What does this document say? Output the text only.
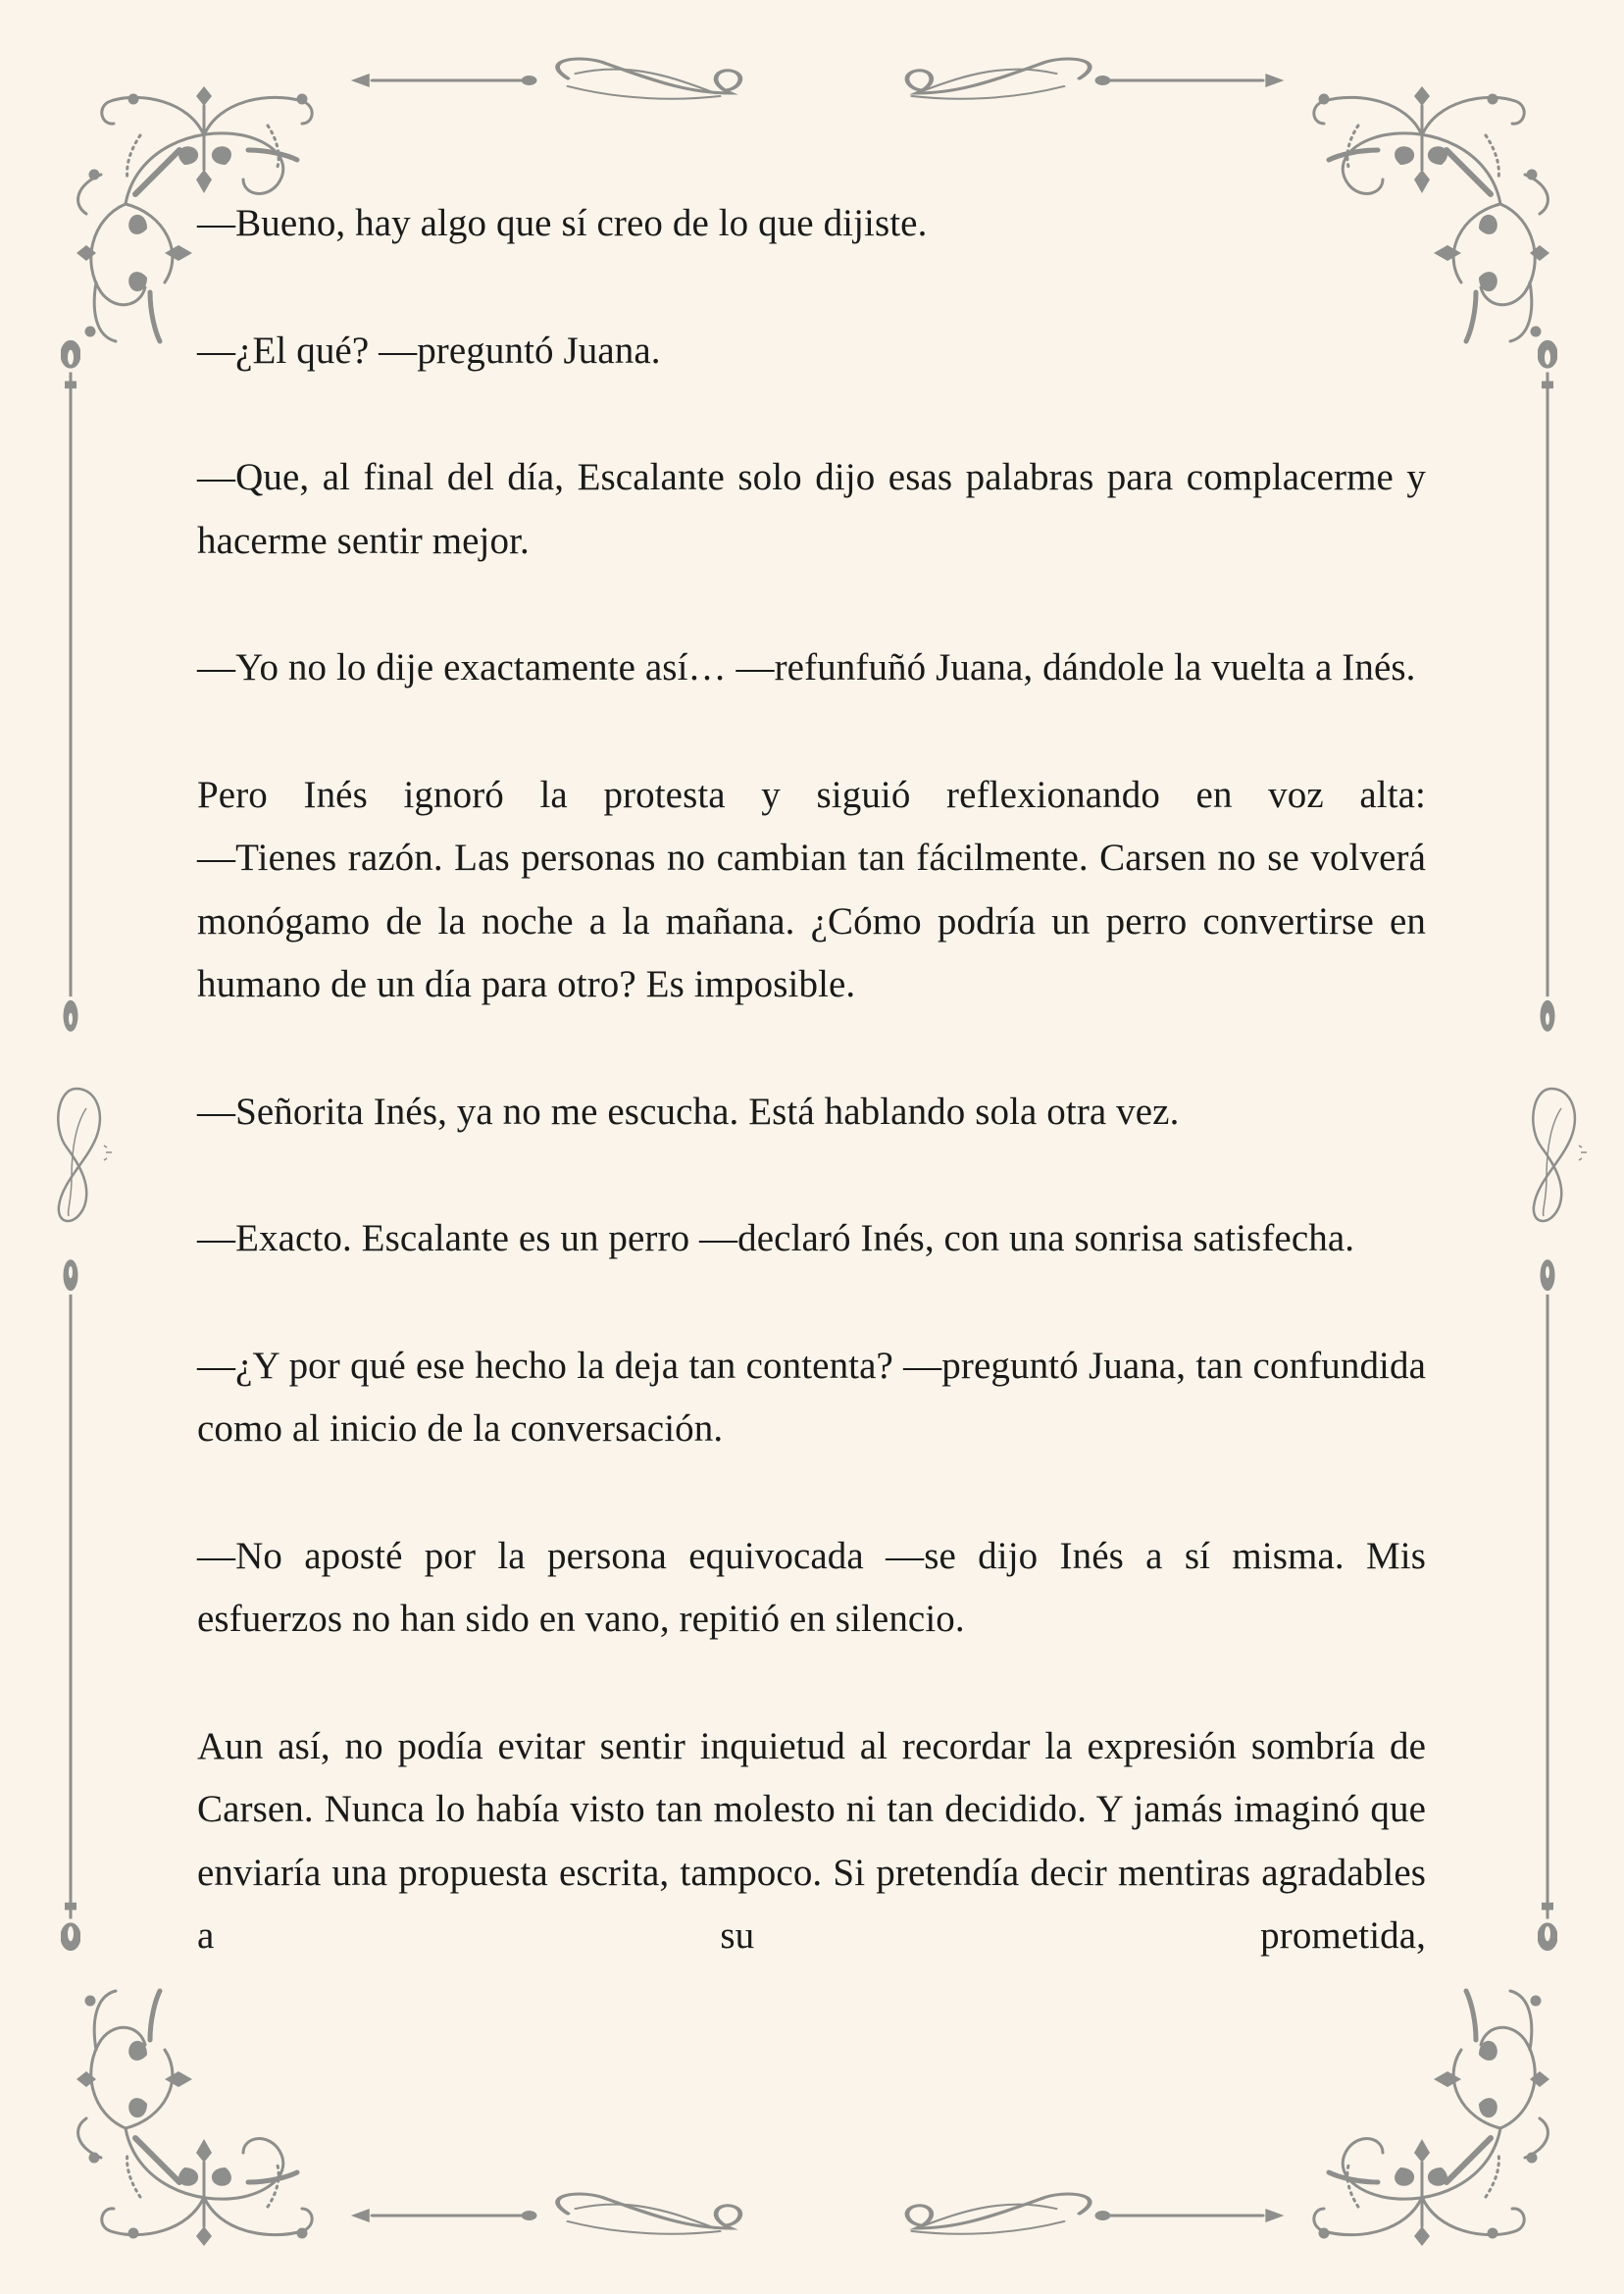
—Bueno, hay algo que sí creo de lo que dijiste.

—¿El qué? —preguntó Juana.

—Que, al final del día, Escalante solo dijo esas palabras para complacerme y hacerme sentir mejor.

—Yo no lo dije exactamente así… —refunfuñó Juana, dándole la vuelta a Inés.

Pero Inés ignoró la protesta y siguió reflexionando en voz alta:
—Tienes razón. Las personas no cambian tan fácilmente. Carsen no se volverá monógamo de la noche a la mañana. ¿Cómo podría un perro convertirse en humano de un día para otro? Es imposible.

—Señorita Inés, ya no me escucha. Está hablando sola otra vez.

—Exacto. Escalante es un perro —declaró Inés, con una sonrisa satisfecha.

—¿Y por qué ese hecho la deja tan contenta? —preguntó Juana, tan confundida como al inicio de la conversación.

—No aposté por la persona equivocada —se dijo Inés a sí misma. Mis esfuerzos no han sido en vano, repitió en silencio.

Aun así, no podía evitar sentir inquietud al recordar la expresión sombría de Carsen. Nunca lo había visto tan molesto ni tan decidido. Y jamás imaginó que enviaría una propuesta escrita, tampoco. Si pretendía decir mentiras agradables a su prometida,
